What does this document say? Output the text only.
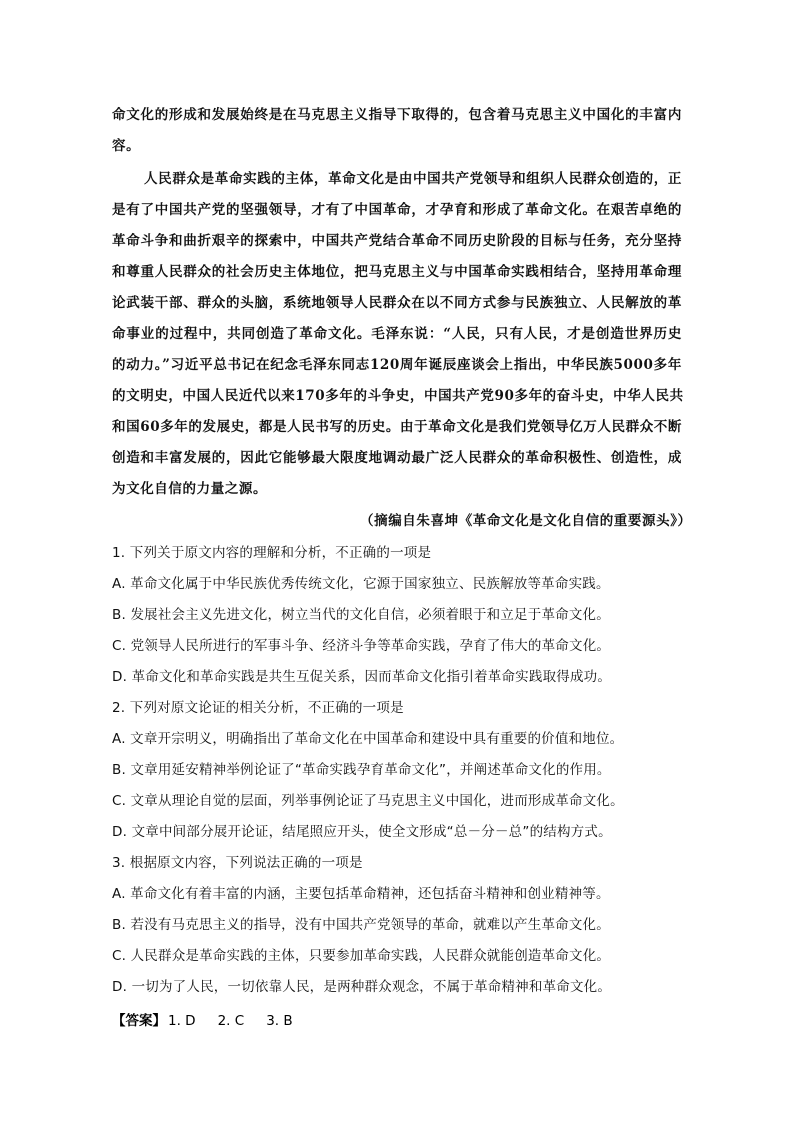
命文化的形成和发展始终是在马克思主义指导下取得的，包含着马克思主义中国化的丰富内
容。
人民群众是革命实践的主体，革命文化是由中国共产党领导和组织人民群众创造的，正
是有了中国共产党的坚强领导，才有了中国革命，才孕育和形成了革命文化。在艰苦卓绝的
革命斗争和曲折艰辛的探索中，中国共产党结合革命不同历史阶段的目标与任务，充分坚持
和尊重人民群众的社会历史主体地位，把马克思主义与中国革命实践相结合，坚持用革命理
论武装干部、群众的头脑，系统地领导人民群众在以不同方式参与民族独立、人民解放的革
命事业的过程中，共同创造了革命文化。毛泽东说：“人民，只有人民，才是创造世界历史
的动力。”习近平总书记在纪念毛泽东同志120周年诞辰座谈会上指出，中华民族5000多年
的文明史，中国人民近代以来170多年的斗争史，中国共产党90多年的奋斗史，中华人民共
和国60多年的发展史，都是人民书写的历史。由于革命文化是我们党领导亿万人民群众不断
创造和丰富发展的，因此它能够最大限度地调动最广泛人民群众的革命积极性、创造性，成
为文化自信的力量之源。
（摘编自朱喜坤《革命文化是文化自信的重要源头》）
1. 下列关于原文内容的理解和分析，不正确的一项是
A. 革命文化属于中华民族优秀传统文化，它源于国家独立、民族解放等革命实践。
B. 发展社会主义先进文化，树立当代的文化自信，必须着眼于和立足于革命文化。
C. 党领导人民所进行的军事斗争、经济斗争等革命实践，孕育了伟大的革命文化。
D. 革命文化和革命实践是共生互促关系，因而革命文化指引着革命实践取得成功。
2. 下列对原文论证的相关分析，不正确的一项是
A. 文章开宗明义，明确指出了革命文化在中国革命和建设中具有重要的价值和地位。
B. 文章用延安精神举例论证了“革命实践孕育革命文化”，并阐述革命文化的作用。
C. 文章从理论自觉的层面，列举事例论证了马克思主义中国化，进而形成革命文化。
D. 文章中间部分展开论证，结尾照应开头，使全文形成“总－分－总”的结构方式。
3. 根据原文内容，下列说法正确的一项是
A. 革命文化有着丰富的内涵，主要包括革命精神，还包括奋斗精神和创业精神等。
B. 若没有马克思主义的指导，没有中国共产党领导的革命，就难以产生革命文化。
C. 人民群众是革命实践的主体，只要参加革命实践，人民群众就能创造革命文化。
D. 一切为了人民，一切依靠人民，是两种群众观念，不属于革命精神和革命文化。
【答案】 1. D 2. C 3. B
